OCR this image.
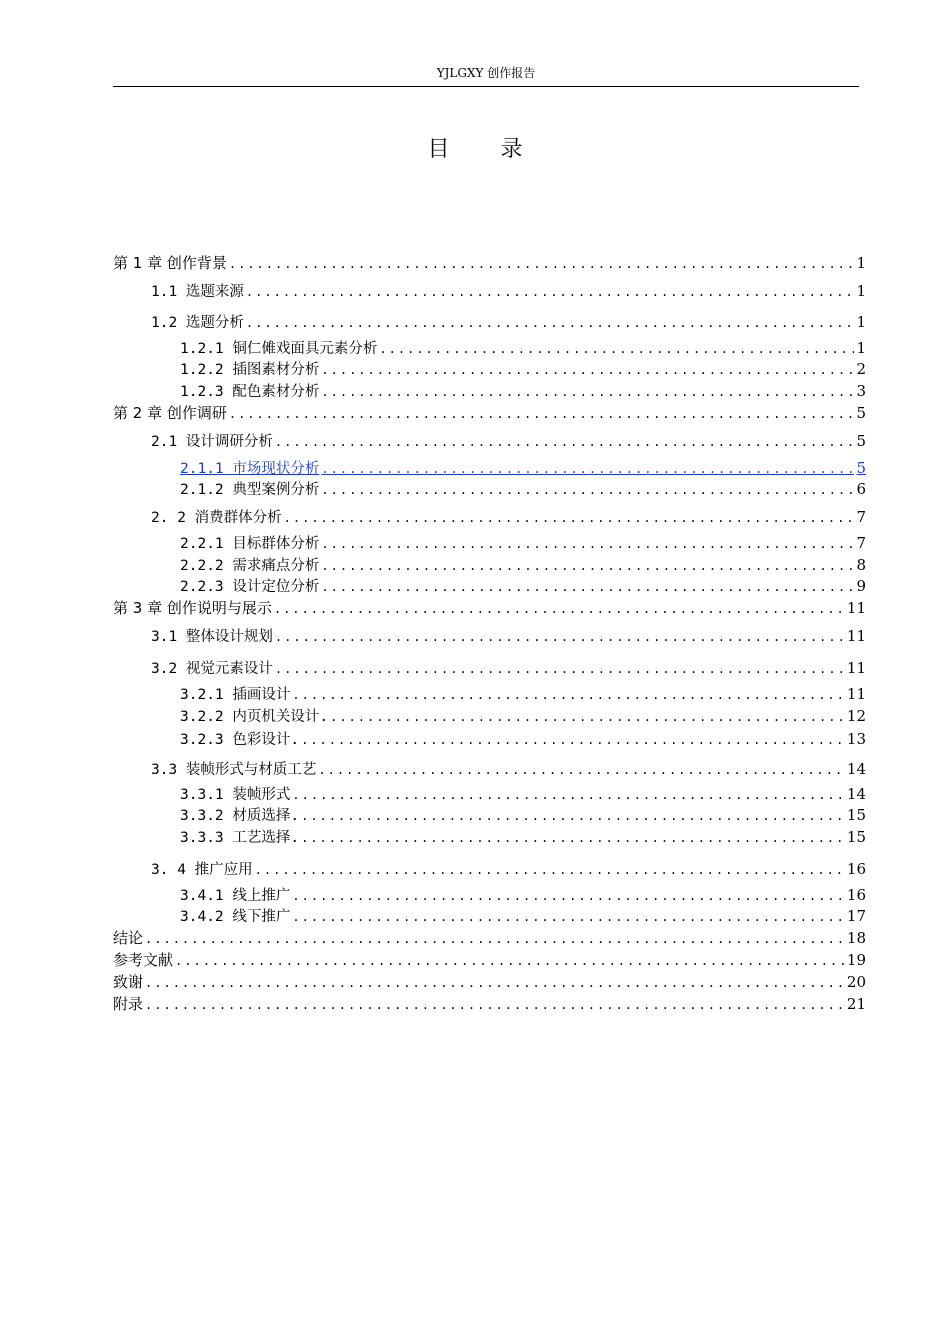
YJLGXY 创作报告
目 录
第 1 章 创作背景 .....	1
1.1 选题来源 .....	1
1.2 选题分析 .....	1
1.2.1 铜仁傩戏面具元素分析 .....	1
1.2.2 插图素材分析 .....	2
1.2.3 配色素材分析 .....	3
第 2 章 创作调研 .....	5
2.1 设计调研分析 .....	5
2.1.1 市场现状分析 .....	5
2.1.2 典型案例分析 .....	6
2. 2 消费群体分析 .....	7
2.2.1 目标群体分析 .....	7
2.2.2 需求痛点分析 .....	8
2.2.3 设计定位分析 .....	9
第 3 章 创作说明与展示 .....	11
3.1 整体设计规划 .....	11
3.2 视觉元素设计 .....	11
3.2.1 插画设计 .....	11
3.2.2 内页机关设计. .....	12
3.2.3 色彩设计. .....	13
3.3 装帧形式与材质工艺 .....	14
3.3.1 装帧形式 .....	14
3.3.2 材质选择. .....	15
3.3.3 工艺选择. .....	15
3. 4 推广应用 .....	16
3.4.1 线上推广 .....	16
3.4.2 线下推广 .....	17
结论 .....	18
参考文献 .....	19
致谢 .....	20
附录 .....	21
